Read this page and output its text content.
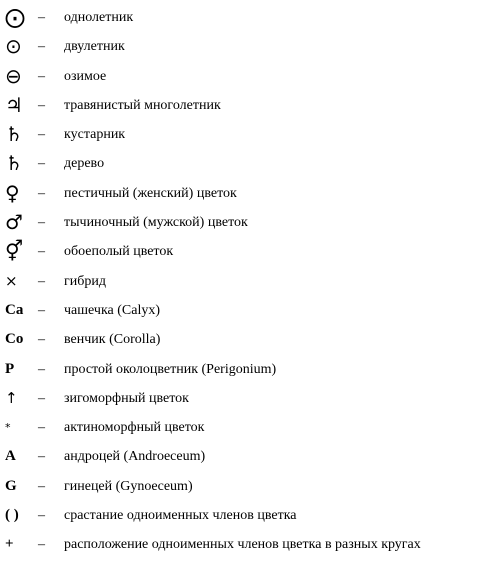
⨀ – однолетник
⊙	– двулетник
⊖	– озимое
♃	– травянистый многолетник
♄	– кустарник
♄	– дерево
♀	– пестичный (женский) цветок
♂	– тычиночный (мужской) цветок
⚥	– обоеполый цветок
×	– гибрид
Ca	– чашечка (Calyx)
Co	– венчик (Corolla)
P	– простой околоцветник (Perigonium)
↑	– зигоморфный цветок
*	– актиноморфный цветок
A	– андроцей (Androeceum)
G	– гинецей (Gynoeceum)
( )	– срастание одноименных членов цветка
+	– расположение одноименных членов цветка в разных кругах
